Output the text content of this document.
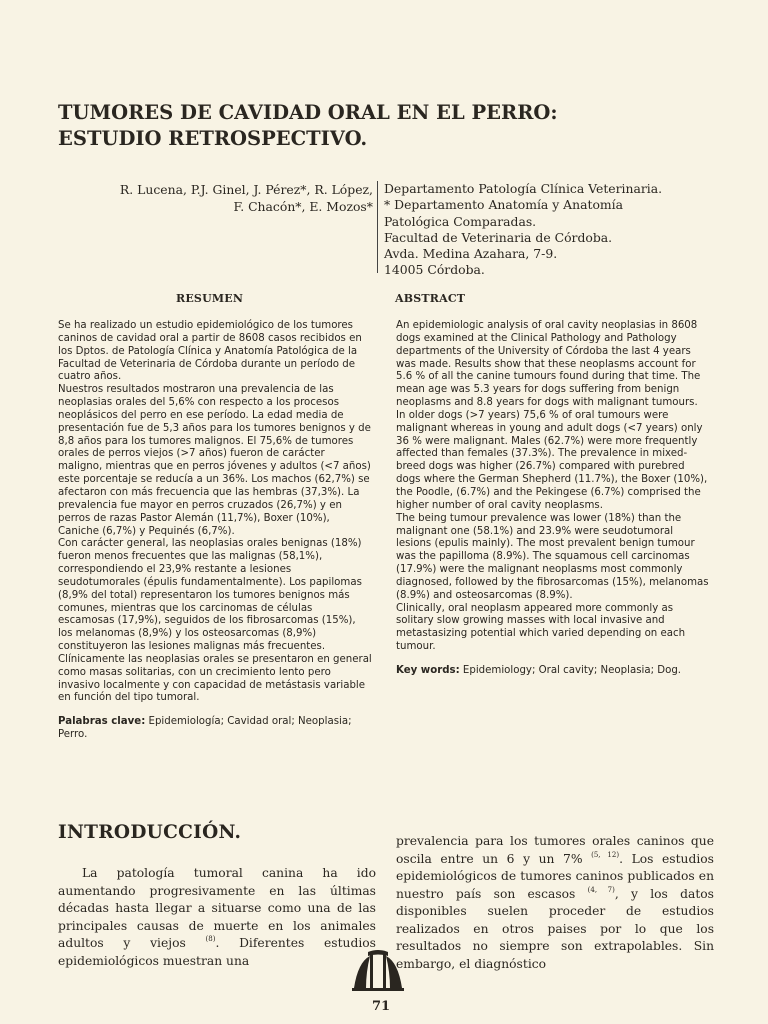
TUMORES DE CAVIDAD ORAL EN EL PERRO:
ESTUDIO RETROSPECTIVO.
R. Lucena, P.J. Ginel, J. Pérez*, R. López,
F. Chacón*, E. Mozos*
Departamento Patología Clínica Veterinaria.
* Departamento Anatomía y Anatomía
Patológica Comparadas.
Facultad de Veterinaria de Córdoba.
Avda. Medina Azahara, 7-9.
14005 Córdoba.
RESUMEN	ABSTRACT

Se ha realizado un estudio epidemiológico de los tumores caninos de cavidad oral a partir de 8608 casos recibidos en los Dptos. de Patología Clínica y Anatomía Patológica de la Facultad de Veterinaria de Córdoba durante un período de cuatro años.

Nuestros resultados mostraron una prevalencia de las neoplasias orales del 5,6% con respecto a los procesos neoplásicos del perro en ese período. La edad media de presentación fue de 5,3 años para los tumores benignos y de 8,8 años para los tumores malignos. El 75,6% de tumores orales de perros viejos (>7 años) fueron de carácter maligno, mientras que en perros jóvenes y adultos (<7 años) este porcentaje se reducía a un 36%. Los machos (62,7%) se afectaron con más frecuencia que las hembras (37,3%). La prevalencia fue mayor en perros cruzados (26,7%) y en perros de razas Pastor Alemán (11,7%), Boxer (10%), Caniche (6,7%) y Pequinés (6,7%).

Con carácter general, las neoplasias orales benignas (18%) fueron menos frecuentes que las malignas (58,1%), correspondiendo el 23,9% restante a lesiones seudotumorales (épulis fundamentalmente). Los papilomas (8,9% del total) representaron los tumores benignos más comunes, mientras que los carcinomas de células escamosas (17,9%), seguidos de los fibrosarcomas (15%), los melanomas (8,9%) y los osteosarcomas (8,9%) constituyeron las lesiones malignas más frecuentes.

Clínicamente las neoplasias orales se presentaron en general como masas solitarias, con un crecimiento lento pero invasivo localmente y con capacidad de metástasis variable en función del tipo tumoral.

Palabras clave: Epidemiología; Cavidad oral; Neoplasia; Perro.

An epidemiologic analysis of oral cavity neoplasias in 8608 dogs examined at the Clinical Pathology and Pathology departments of the University of Córdoba the last 4 years was made. Results show that these neoplasms account for 5.6 % of all the canine tumours found during that time. The mean age was 5.3 years for dogs suffering from benign neoplasms and 8.8 years for dogs with malignant tumours. In older dogs (>7 years) 75,6 % of oral tumours were malignant whereas in young and adult dogs (<7 years) only 36 % were malignant. Males (62.7%) were more frequently affected than females (37.3%). The prevalence in mixed- breed dogs was higher (26.7%) compared with purebred dogs where the German Shepherd (11.7%), the Boxer (10%), the Poodle, (6.7%) and the Pekingese (6.7%) comprised the higher number of oral cavity neoplasms.

The being tumour prevalence was lower (18%) than the malignant one (58.1%) and 23.9% were seudotumoral lesions (epulis mainly). The most prevalent benign tumour was the papilloma (8.9%). The squamous cell carcinomas (17.9%) were the malignant neoplasms most commonly diagnosed, followed by the fibrosarcomas (15%), melanomas (8.9%) and osteosarcomas (8.9%).

Clinically, oral neoplasm appeared more commonly as solitary slow growing masses with local invasive and metastasizing potential which varied depending on each tumour.

Key words: Epidemiology; Oral cavity; Neoplasia; Dog.

INTRODUCCIÓN.
La patología tumoral canina ha ido aumentando progresivamente en las últimas décadas hasta llegar a situarse como una de las principales causas de muerte en los animales adultos y viejos $^{(8)}$. Diferentes estudios epidemiológicos muestran una
prevalencia para los tumores orales caninos que oscila entre un 6 y un 7% $^{(5, 12)}$. Los estudios epidemiológicos de tumores caninos publicados en nuestro país son escasos $^{(4, 7)}$, y los datos disponibles suelen proceder de estudios realizados en otros paises por lo que los resultados no siempre son extrapolables. Sin embargo, el diagnóstico
71
